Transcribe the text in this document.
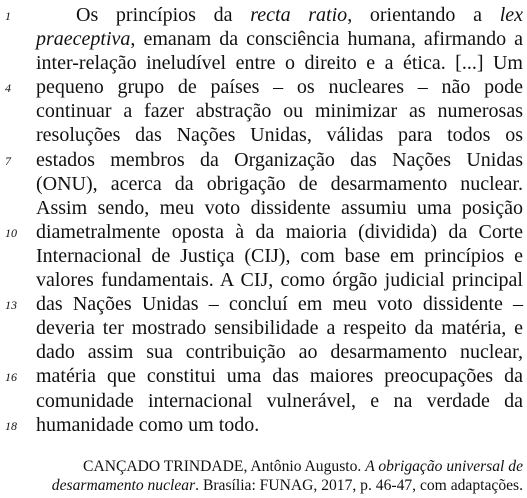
1	Os princípios da recta ratio, orientando a lex
praeceptiva, emanam da consciência humana, afirmando a
inter-relação ineludível entre o direito e a ética. [...] Um
4	pequeno grupo de países – os nucleares – não pode
continuar a fazer abstração ou minimizar as numerosas
resoluções das Nações Unidas, válidas para todos os
7	estados membros da Organização das Nações Unidas
(ONU), acerca da obrigação de desarmamento nuclear.
Assim sendo, meu voto dissidente assumiu uma posição
10 diametralmente oposta à da maioria (dividida) da Corte
Internacional de Justiça (CIJ), com base em princípios e
valores fundamentais. A CIJ, como órgão judicial principal
13 das Nações Unidas – concluí em meu voto dissidente –
deveria ter mostrado sensibilidade a respeito da matéria, e
dado assim sua contribuição ao desarmamento nuclear,
16 matéria que constitui uma das maiores preocupações da
comunidade internacional vulnerável, e na verdade da
18 humanidade como um todo.
CANÇADO TRINDADE, Antônio Augusto. A obrigação universal de
desarmamento nuclear. Brasília: FUNAG, 2017, p. 46-47, com adaptações.
